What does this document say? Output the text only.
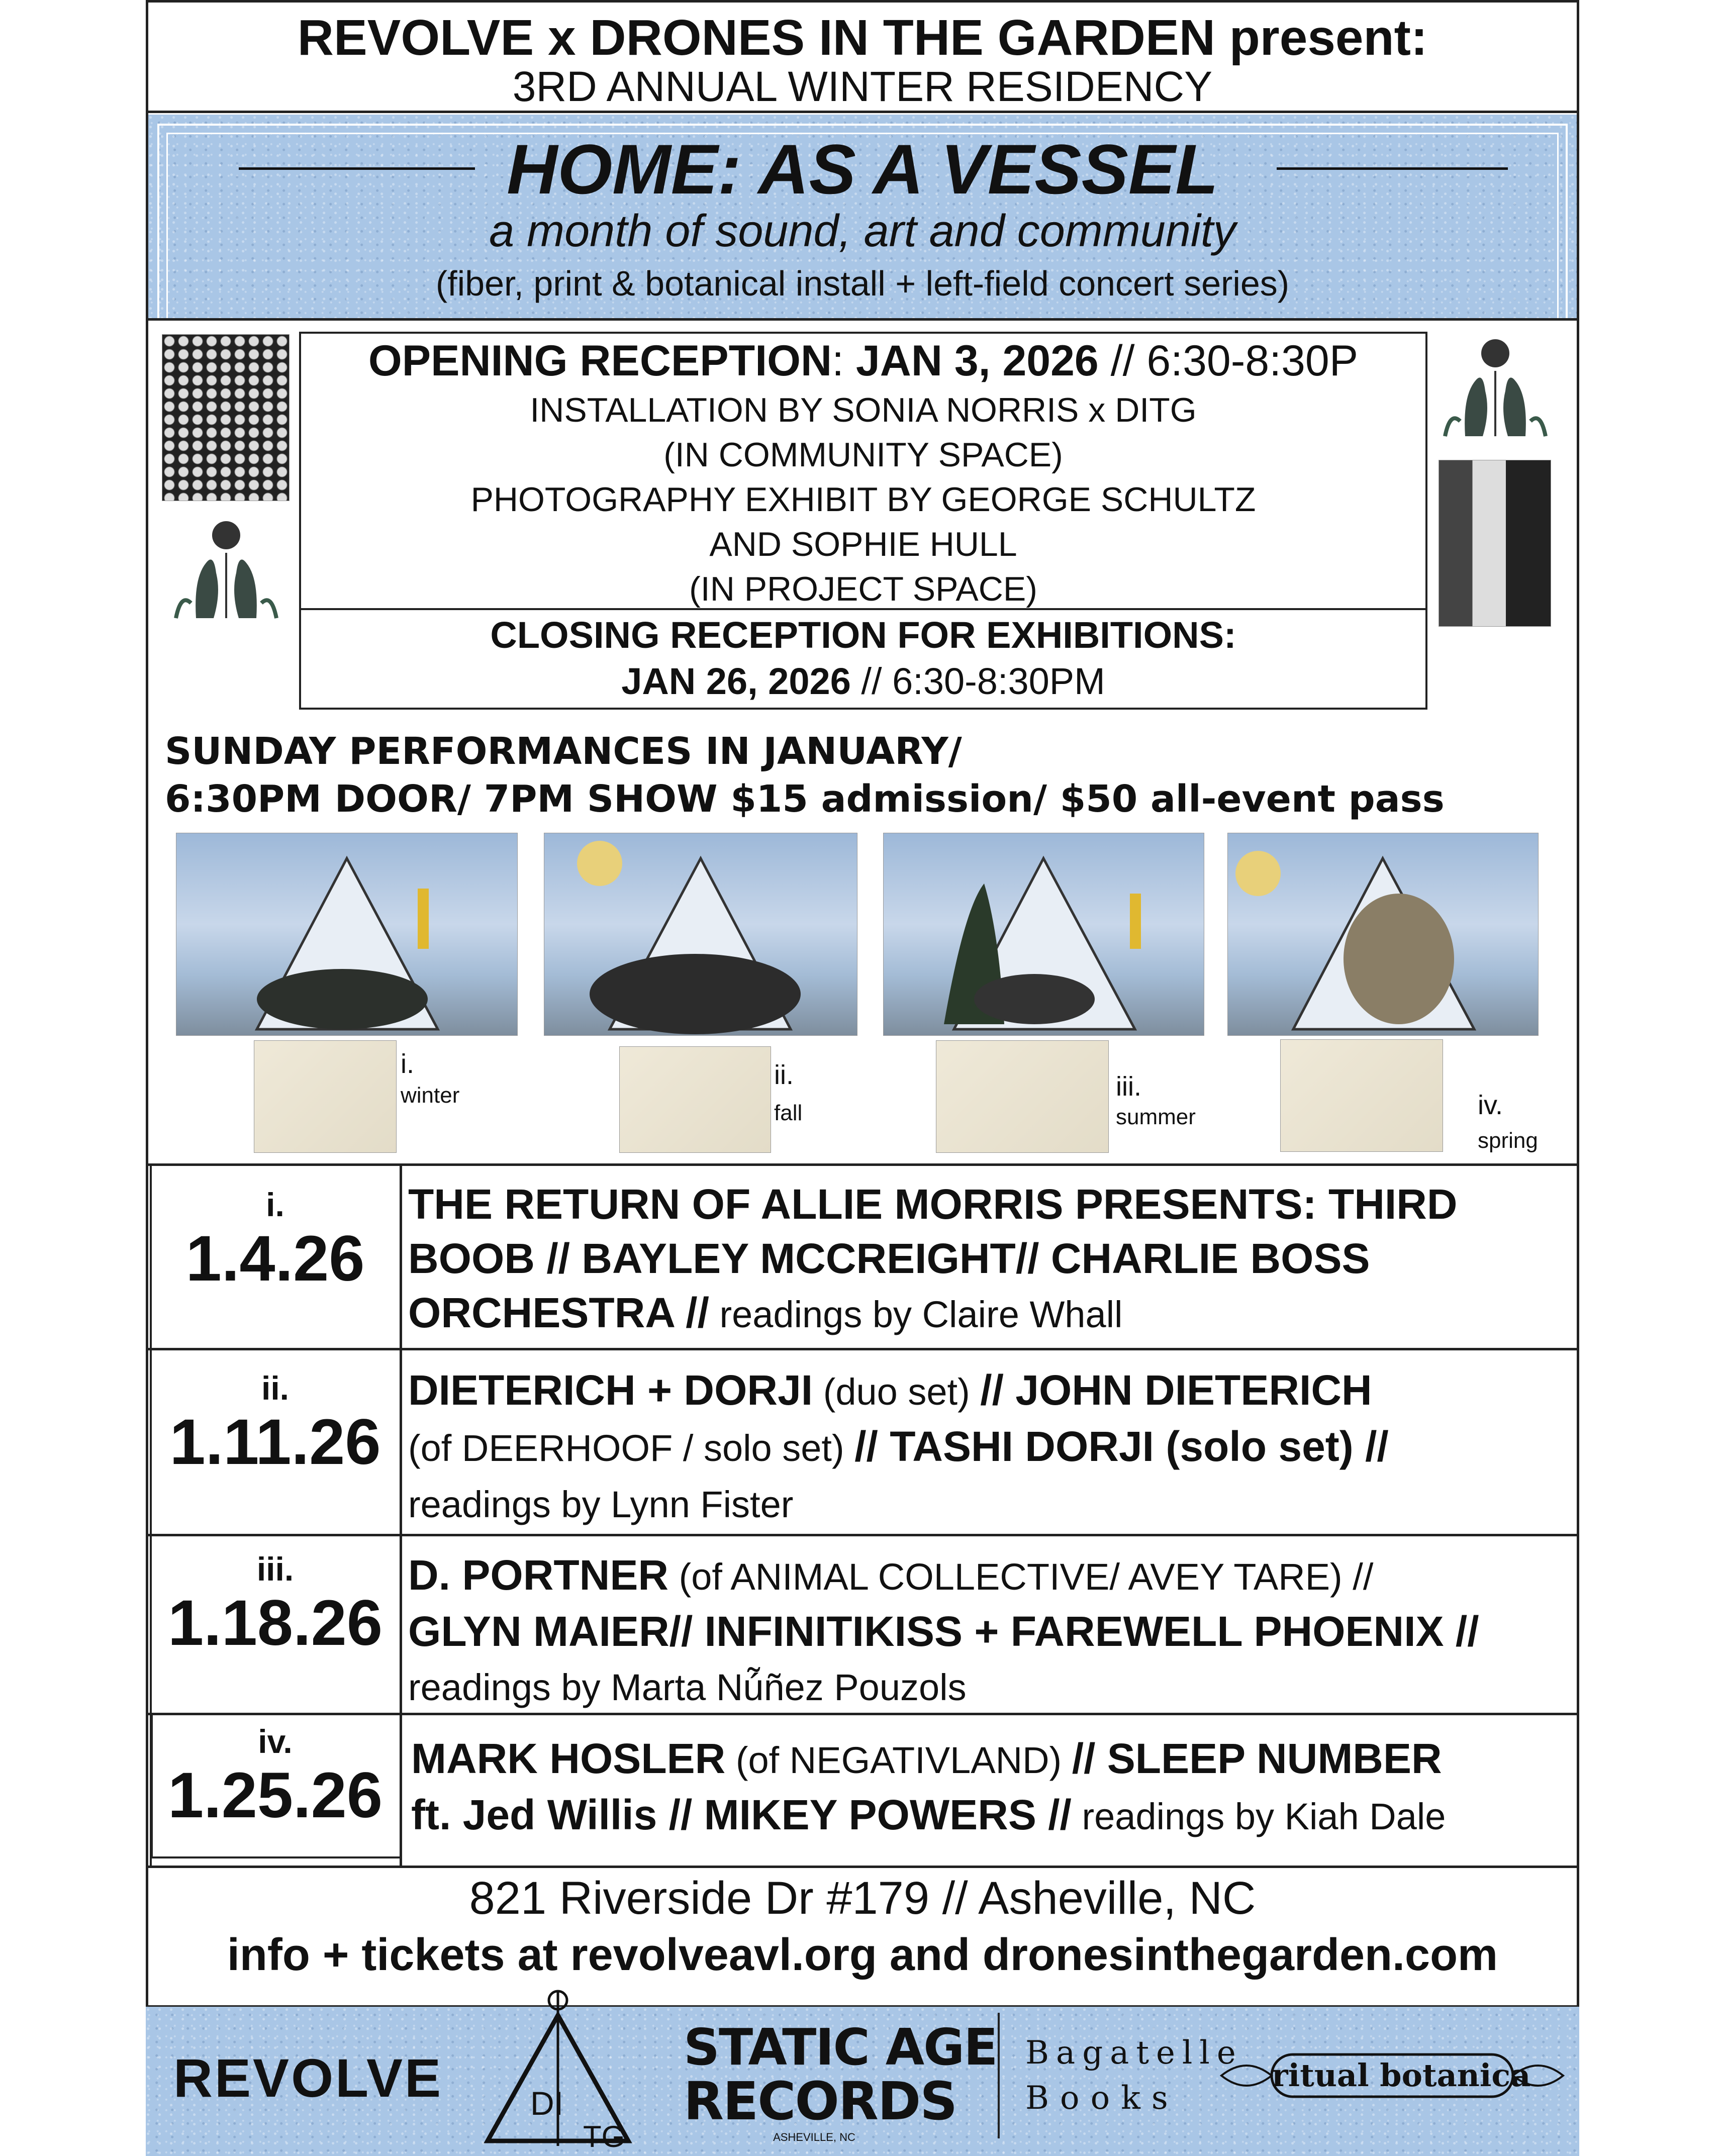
REVOLVE x DRONES IN THE GARDEN present:
3RD ANNUAL WINTER RESIDENCY
HOME: AS A VESSEL
a month of sound, art and community
(fiber, print & botanical install + left-field concert series)
OPENING RECEPTION: JAN 3, 2026 // 6:30-8:30P
INSTALLATION BY SONIA NORRIS x DITG
(IN COMMUNITY SPACE)
PHOTOGRAPHY EXHIBIT BY GEORGE SCHULTZ
AND SOPHIE HULL
(IN PROJECT SPACE)
CLOSING RECEPTION FOR EXHIBITIONS:
JAN 26, 2026 // 6:30-8:30PM
SUNDAY PERFORMANCES IN JANUARY/
6:30PM DOOR/ 7PM SHOW $15 admission/ $50 all-event pass
i.
winter
ii.
fall
iii.
summer	iv.
spring
i.
1.4.26
THE RETURN OF ALLIE MORRIS PRESENTS: THIRD
BOOB // BAYLEY MCCREIGHT// CHARLIE BOSS
ORCHESTRA // readings by Claire Whall
ii.
1.11.26
DIETERICH + DORJI (duo set) // JOHN DIETERICH
(of DEERHOOF / solo set) // TASHI DORJI (solo set) //
readings by Lynn Fister
iii.
1.18.26
D. PORTNER (of ANIMAL COLLECTIVE/ AVEY TARE) //
GLYN MAIER// INFINITIKISS + FAREWELL PHOENIX //
readings by Marta Nú̃ñez Pouzols
iv.
1.25.26
MARK HOSLER (of NEGATIVLAND) // SLEEP NUMBER
ft. Jed Willis // MIKEY POWERS // readings by Kiah Dale
821 Riverside Dr #179 // Asheville, NC
info + tickets at revolveavl.org and dronesinthegarden.com
REVOLVE	DI
TG
STATIC AGE
RECORDS
ASHEVILLE, NC
Bagatelle
Books
ritual botanica
